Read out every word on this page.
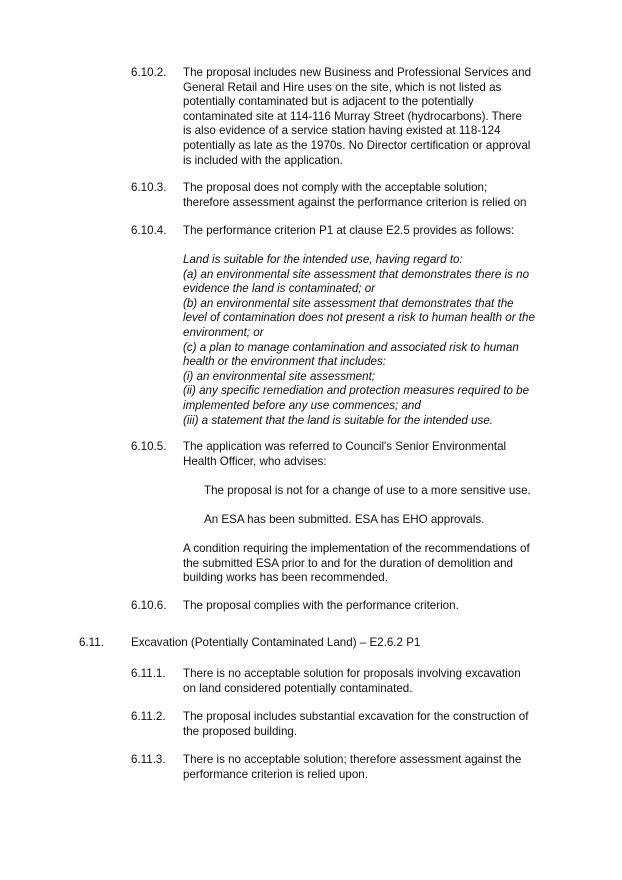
6.10.2. The proposal includes new Business and Professional Services and
General Retail and Hire uses on the site, which is not listed as
potentially contaminated but is adjacent to the potentially
contaminated site at 114-116 Murray Street (hydrocarbons). There
is also evidence of a service station having existed at 118-124
potentially as late as the 1970s. No Director certification or approval
is included with the application.
6.10.3. The proposal does not comply with the acceptable solution;
therefore assessment against the performance criterion is relied on
6.10.4. The performance criterion P1 at clause E2.5 provides as follows:
Land is suitable for the intended use, having regard to:
(a) an environmental site assessment that demonstrates there is no
evidence the land is contaminated; or
(b) an environmental site assessment that demonstrates that the
level of contamination does not present a risk to human health or the
environment; or
(c) a plan to manage contamination and associated risk to human
health or the environment that includes:
(i) an environmental site assessment;
(ii) any specific remediation and protection measures required to be
implemented before any use commences; and
(iii) a statement that the land is suitable for the intended use.
6.10.5. The application was referred to Council's Senior Environmental
Health Officer, who advises:
The proposal is not for a change of use to a more sensitive use.
An ESA has been submitted. ESA has EHO approvals.
A condition requiring the implementation of the recommendations of
the submitted ESA prior to and for the duration of demolition and
building works has been recommended.
6.10.6. The proposal complies with the performance criterion.
6.11. Excavation (Potentially Contaminated Land) – E2.6.2 P1
6.11.1. There is no acceptable solution for proposals involving excavation
on land considered potentially contaminated.
6.11.2. The proposal includes substantial excavation for the construction of
the proposed building.
6.11.3. There is no acceptable solution; therefore assessment against the
performance criterion is relied upon.
